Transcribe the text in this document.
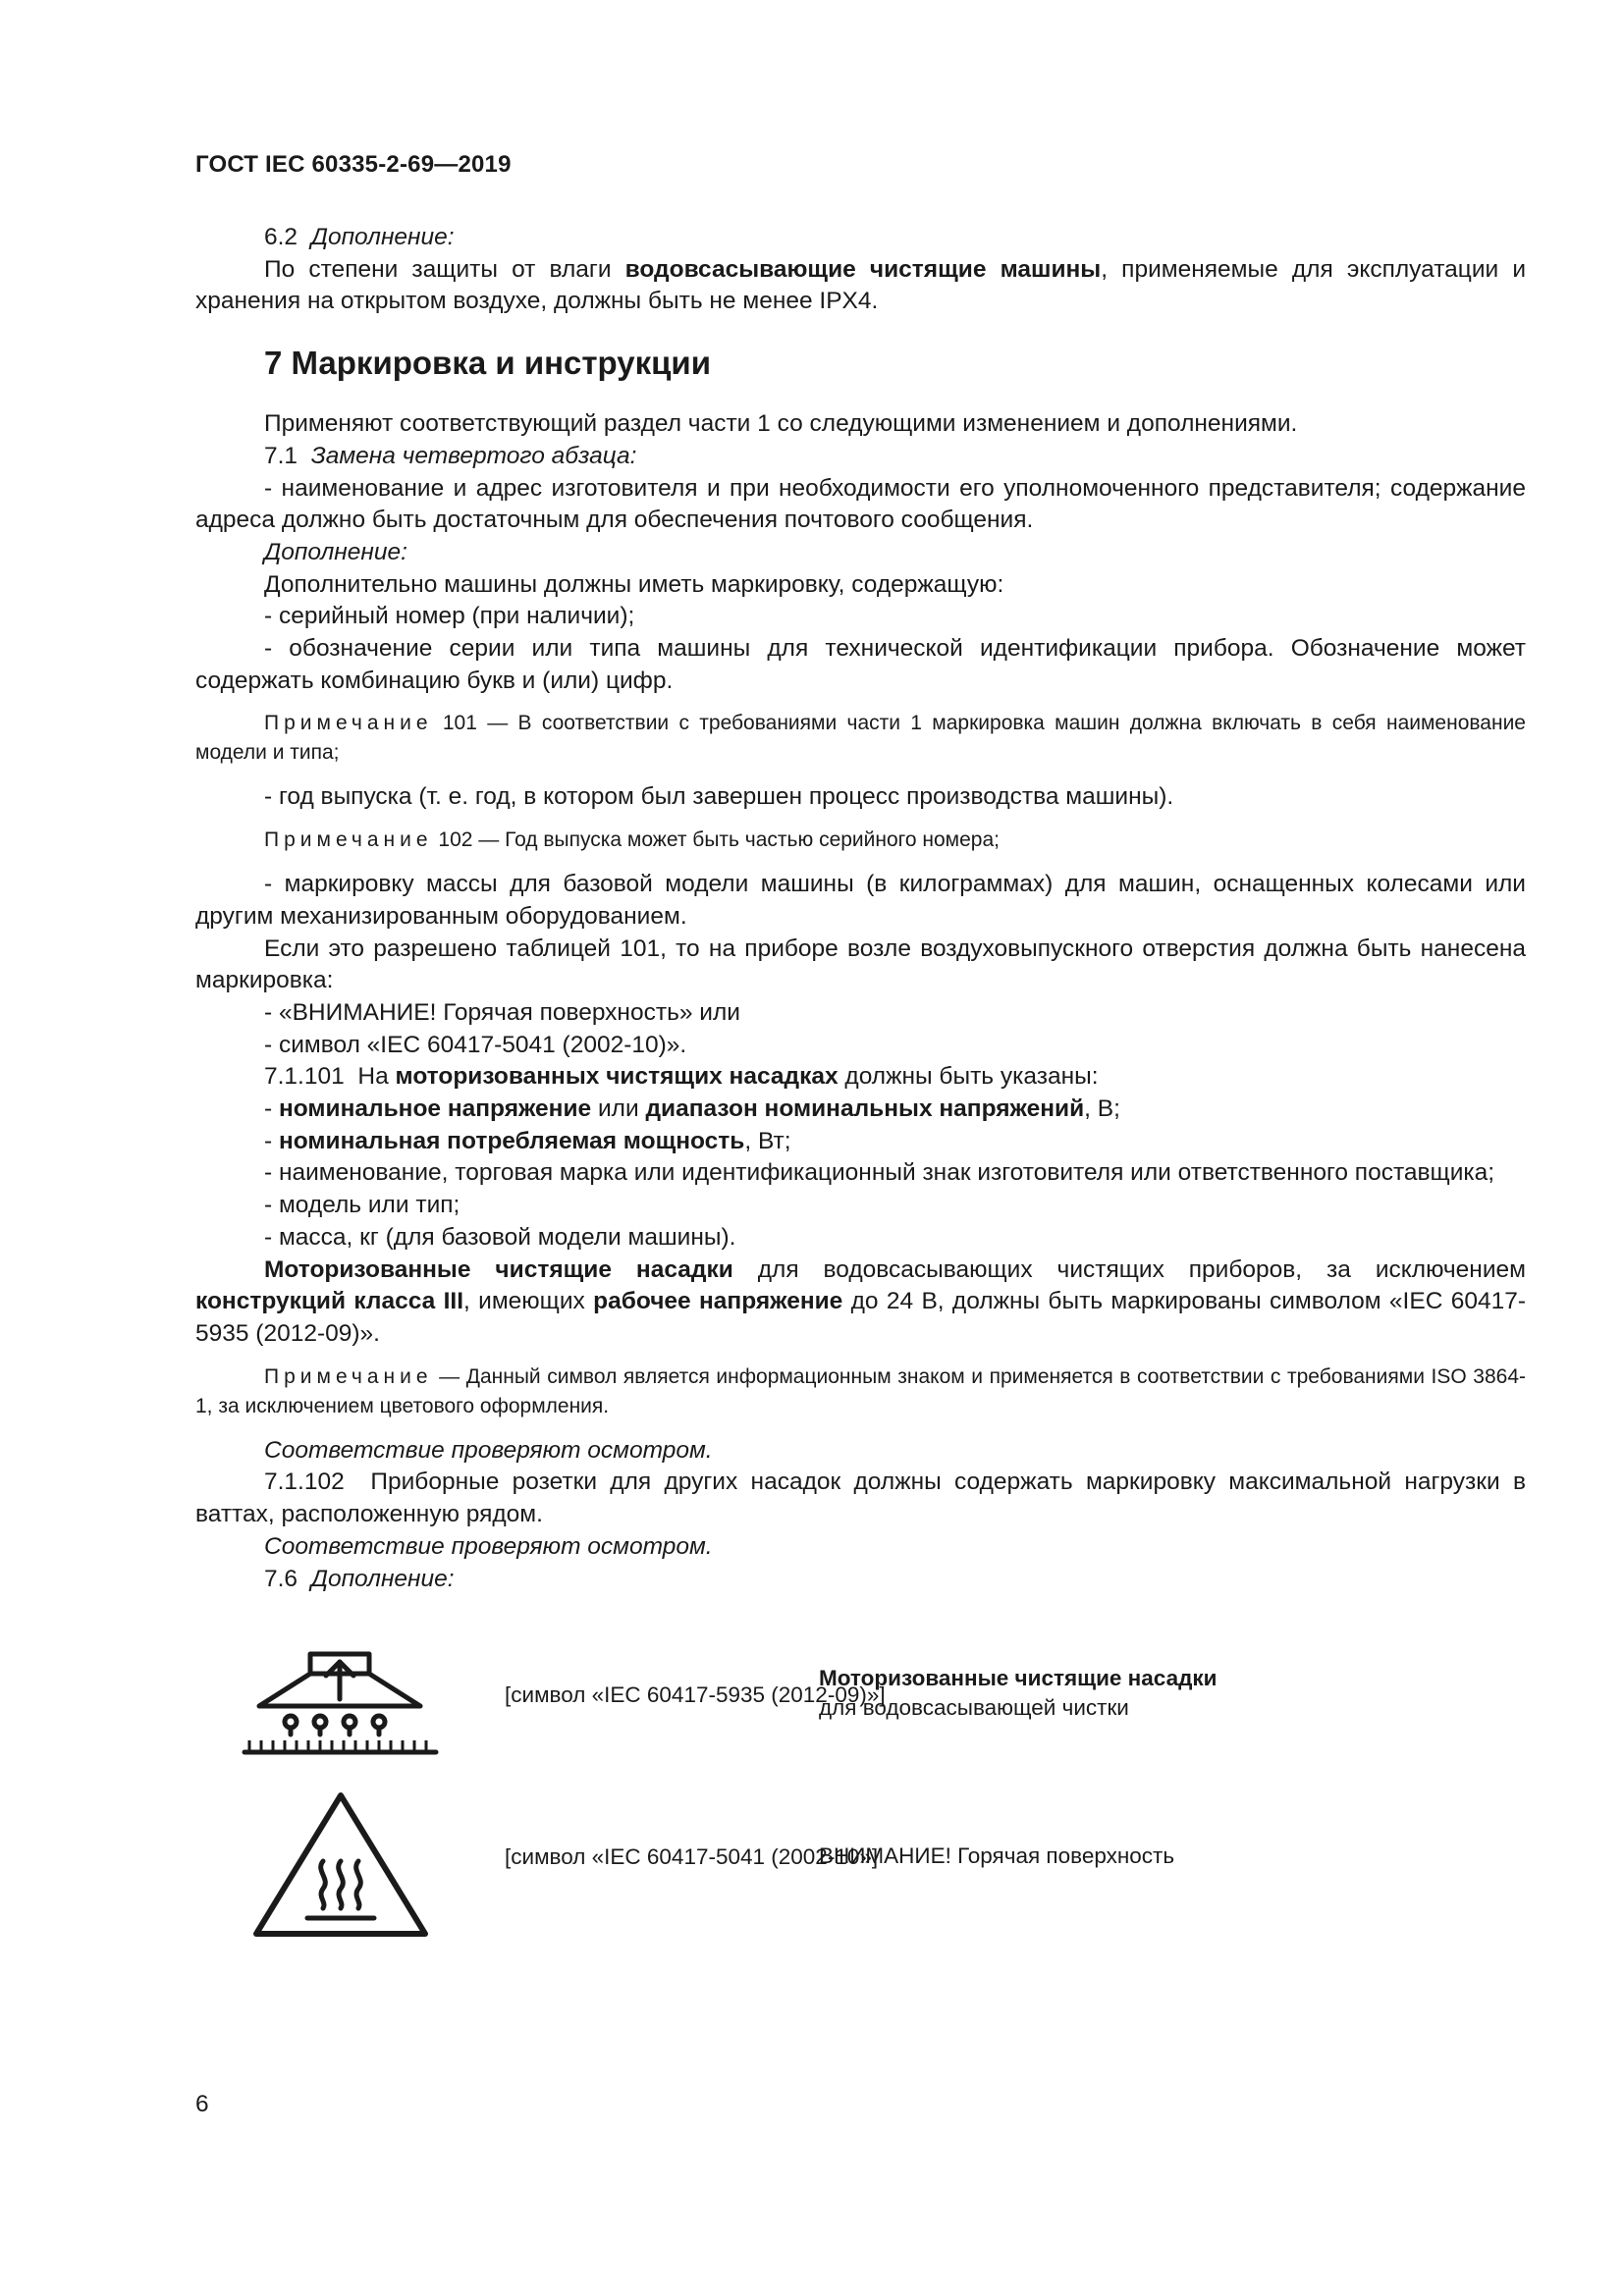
ГОСТ IEC 60335-2-69—2019

6.2 Дополнение:

По степени защиты от влаги водовсасывающие чистящие машины, применяемые для эксплуатации и хранения на открытом воздухе, должны быть не менее IPX4.

7 Маркировка и инструкции

Применяют соответствующий раздел части 1 со следующими изменением и дополнениями.

7.1 Замена четвертого абзаца:

- наименование и адрес изготовителя и при необходимости его уполномоченного представителя; содержание адреса должно быть достаточным для обеспечения почтового сообщения.

Дополнение:

Дополнительно машины должны иметь маркировку, содержащую:

- серийный номер (при наличии);

- обозначение серии или типа машины для технической идентификации прибора. Обозначение может содержать комбинацию букв и (или) цифр.

Примечание 101 — В соответствии с требованиями части 1 маркировка машин должна включать в себя наименование модели и типа;

- год выпуска (т. е. год, в котором был завершен процесс производства машины).

Примечание 102 — Год выпуска может быть частью серийного номера;

- маркировку массы для базовой модели машины (в килограммах) для машин, оснащенных колесами или другим механизированным оборудованием.

Если это разрешено таблицей 101, то на приборе возле воздуховыпускного отверстия должна быть нанесена маркировка:

- «ВНИМАНИЕ! Горячая поверхность» или

- символ «IEC 60417-5041 (2002-10)».

7.1.101 На моторизованных чистящих насадках должны быть указаны:

- номинальное напряжение или диапазон номинальных напряжений, В;

- номинальная потребляемая мощность, Вт;

- наименование, торговая марка или идентификационный знак изготовителя или ответственного поставщика;

- модель или тип;

- масса, кг (для базовой модели машины).

Моторизованные чистящие насадки для водовсасывающих чистящих приборов, за исключением конструкций класса III, имеющих рабочее напряжение до 24 В, должны быть маркированы символом «IEC 60417-5935 (2012-09)».

Примечание — Данный символ является информационным знаком и применяется в соответствии с требованиями ISO 3864-1, за исключением цветового оформления.

Соответствие проверяют осмотром.

7.1.102 Приборные розетки для других насадок должны содержать маркировку максимальной нагрузки в ваттах, расположенную рядом.

Соответствие проверяют осмотром.

7.6 Дополнение:

[символ «IEC 60417-5935 (2012-09)»]
Моторизованные чистящие насадки
для водовсасывающей чистки
[символ «IEC 60417-5041 (2002-10»]
ВНИМАНИЕ! Горячая поверхность
6
